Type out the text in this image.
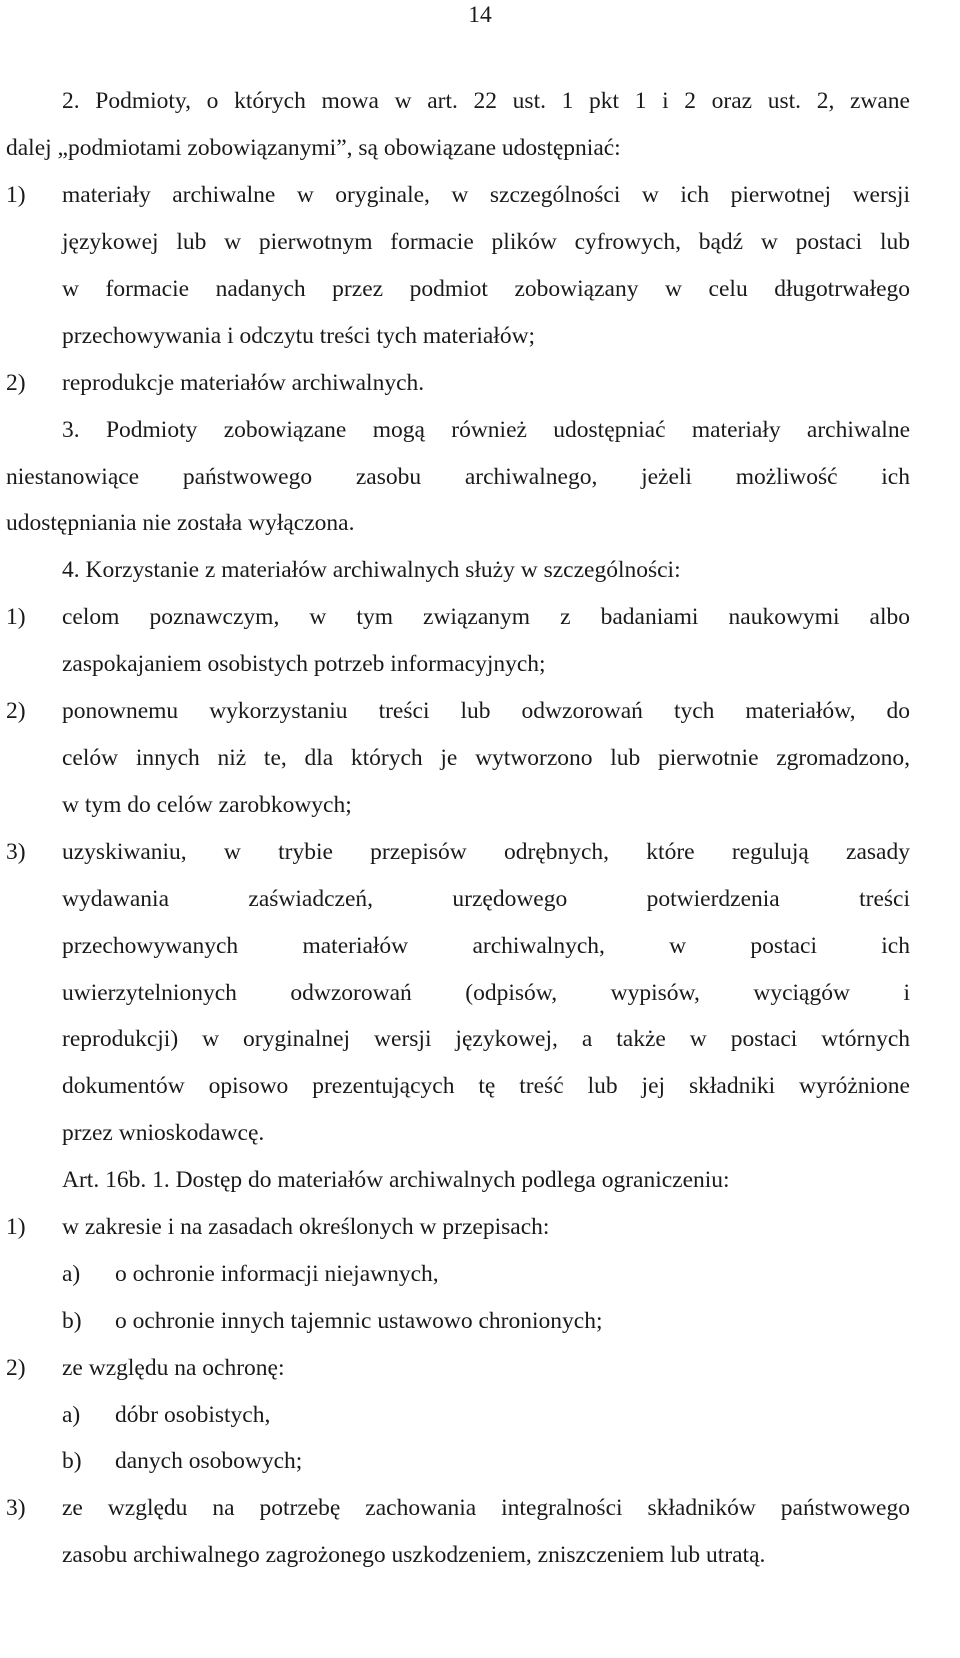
14
2. Podmioty, o których mowa w art. 22 ust. 1 pkt 1 i 2 oraz ust. 2, zwane
dalej „podmiotami zobowiązanymi”, są obowiązane udostępniać:
1) materiały archiwalne w oryginale, w szczególności w ich pierwotnej wersji
językowej lub w pierwotnym formacie plików cyfrowych, bądź w postaci lub
w formacie nadanych przez podmiot zobowiązany w celu długotrwałego
przechowywania i odczytu treści tych materiałów;
2) reprodukcje materiałów archiwalnych.
3. Podmioty zobowiązane mogą również udostępniać materiały archiwalne
niestanowiące państwowego zasobu archiwalnego, jeżeli możliwość ich
udostępniania nie została wyłączona.
4. Korzystanie z materiałów archiwalnych służy w szczególności:
1) celom poznawczym, w tym związanym z badaniami naukowymi albo
zaspokajaniem osobistych potrzeb informacyjnych;
2) ponownemu wykorzystaniu treści lub odwzorowań tych materiałów, do
celów innych niż te, dla których je wytworzono lub pierwotnie zgromadzono,
w tym do celów zarobkowych;
3) uzyskiwaniu, w trybie przepisów odrębnych, które regulują zasady
wydawania zaświadczeń, urzędowego potwierdzenia treści
przechowywanych materiałów archiwalnych, w postaci ich
uwierzytelnionych odwzorowań (odpisów, wypisów, wyciągów i
reprodukcji) w oryginalnej wersji językowej, a także w postaci wtórnych
dokumentów opisowo prezentujących tę treść lub jej składniki wyróżnione
przez wnioskodawcę.
Art. 16b. 1. Dostęp do materiałów archiwalnych podlega ograniczeniu:
1) w zakresie i na zasadach określonych w przepisach:
a)	o ochronie informacji niejawnych,
b)	o ochronie innych tajemnic ustawowo chronionych;
2) ze względu na ochronę:
a)	dóbr osobistych,
b)	danych osobowych;
3) ze względu na potrzebę zachowania integralności składników państwowego
zasobu archiwalnego zagrożonego uszkodzeniem, zniszczeniem lub utratą.
